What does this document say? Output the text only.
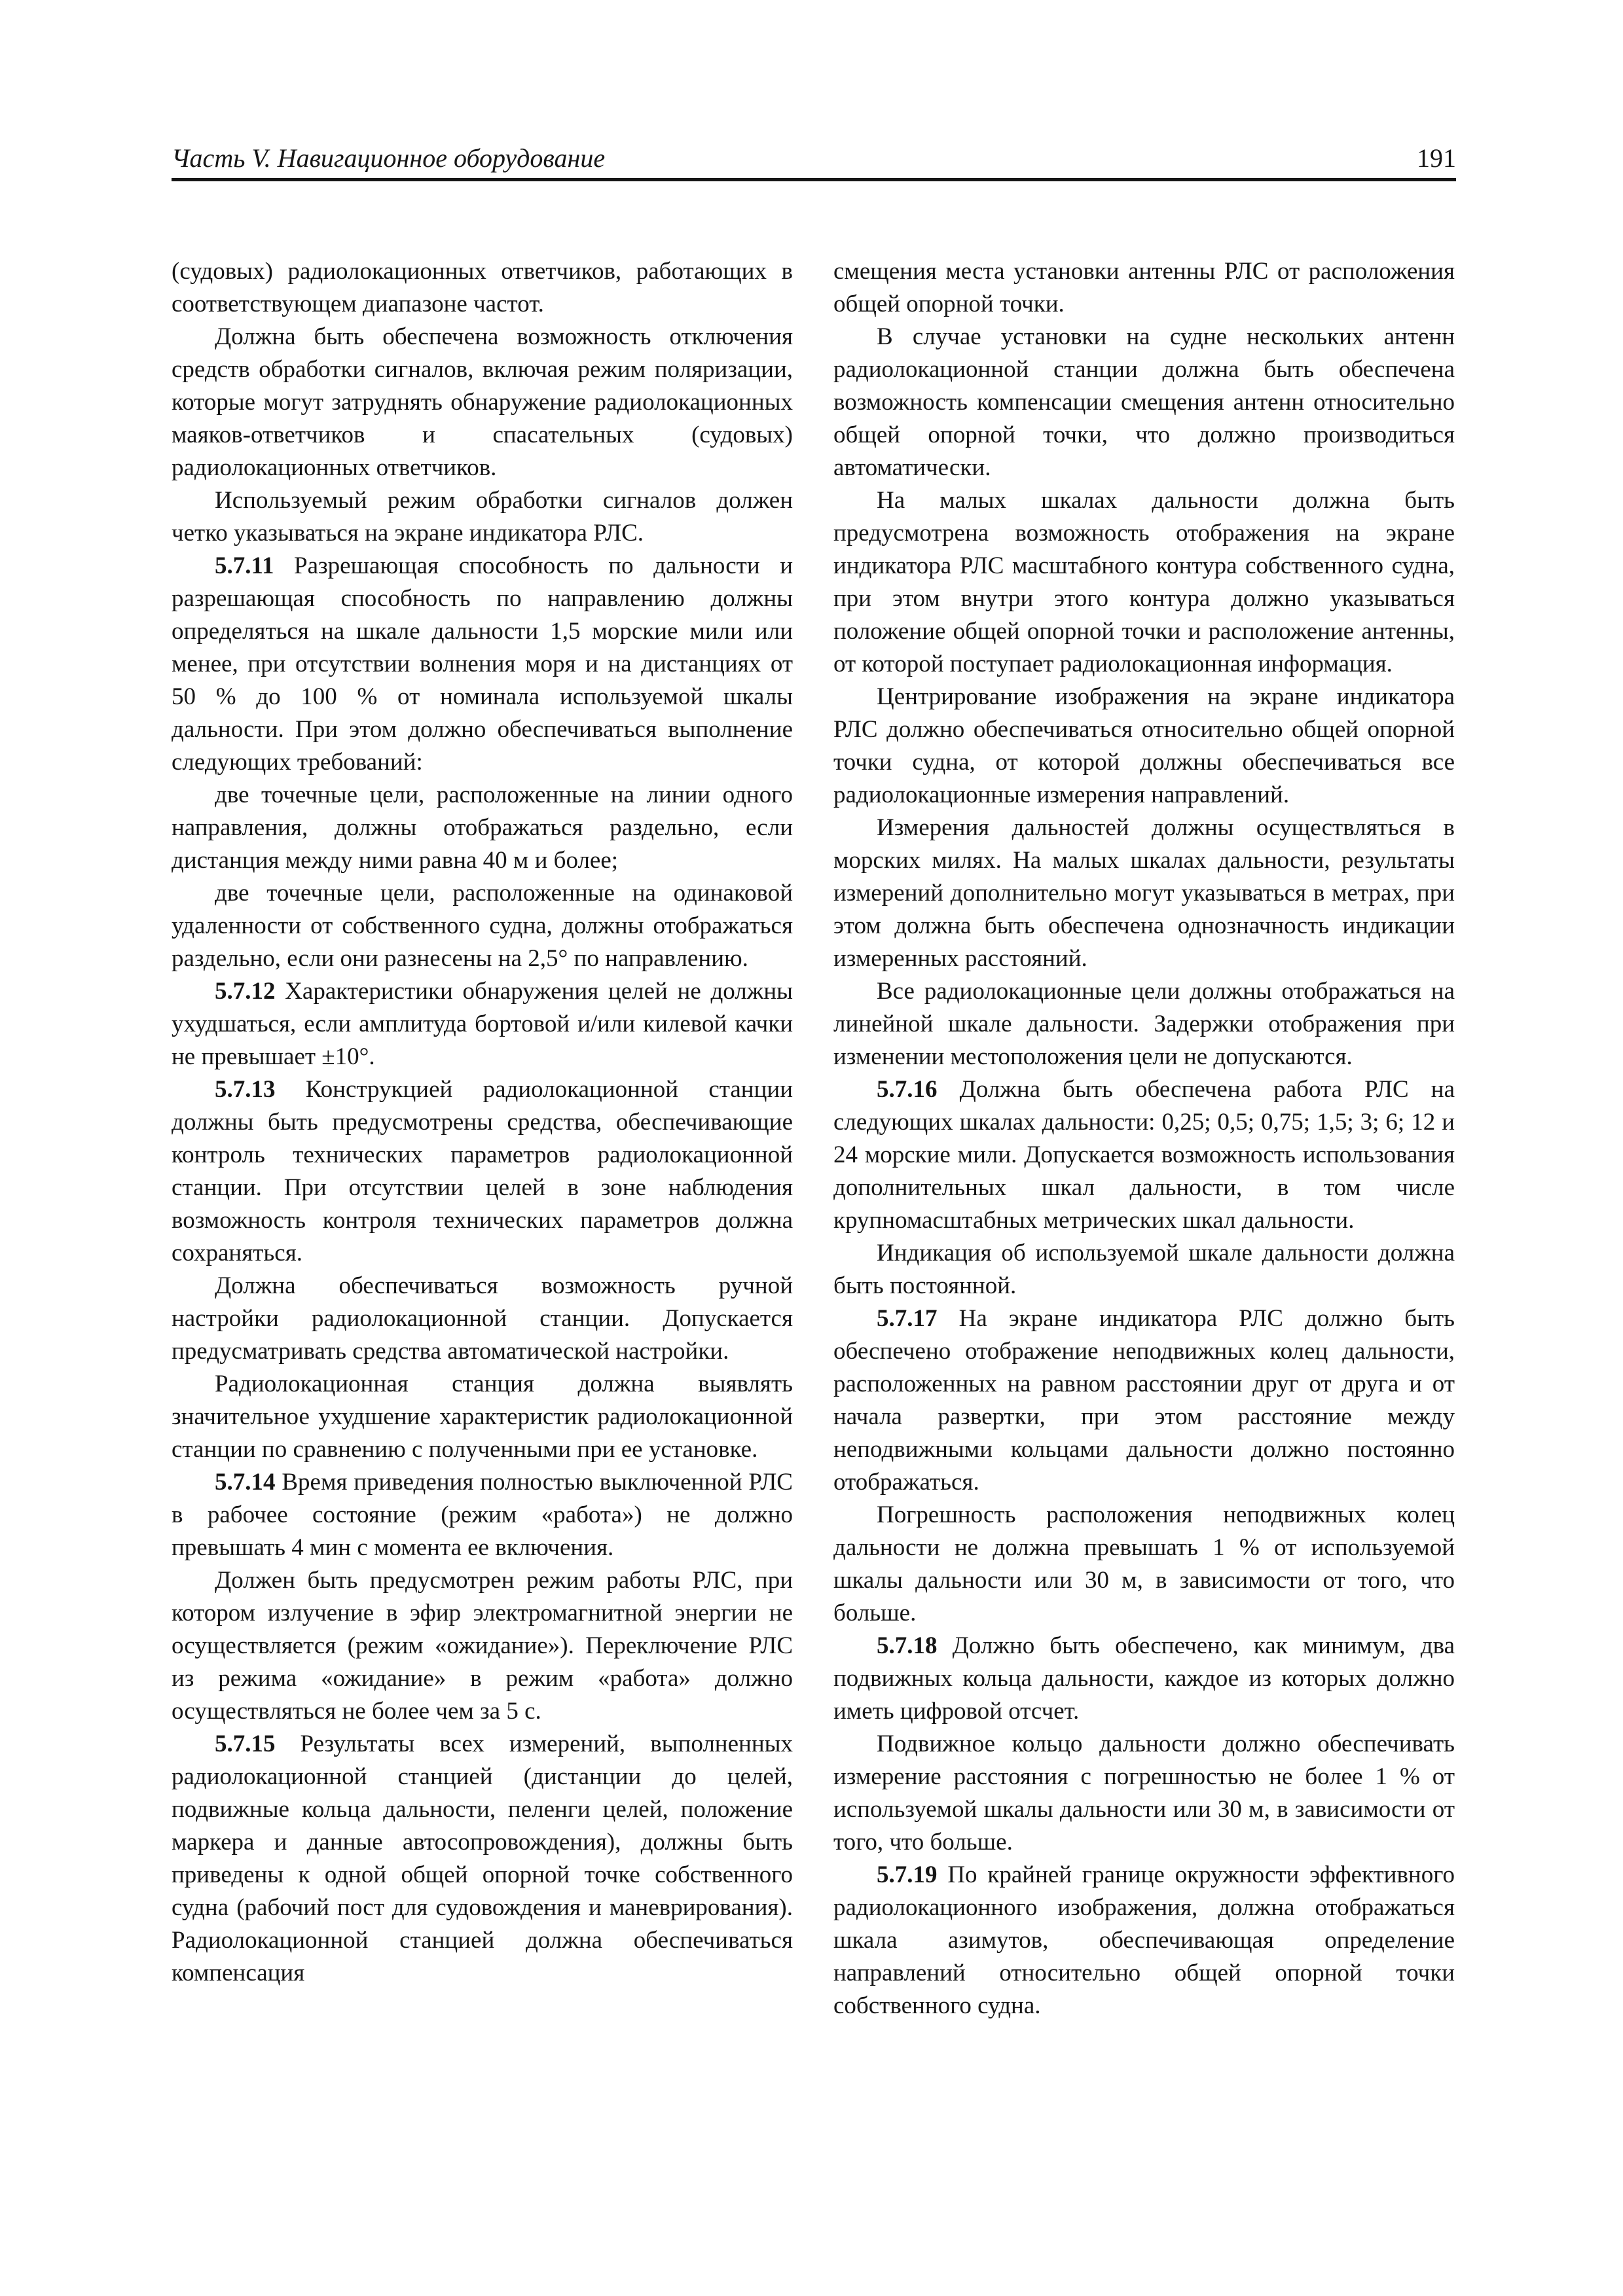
Часть V. Навигационное оборудование	191

(судовых) радиолокационных ответчиков, работающих в соответствующем диапазоне частот.

Должна быть обеспечена возможность отключения средств обработки сигналов, включая режим поляризации, которые могут затруднять обнаружение радиолокационных маяков-ответчиков и спасательных (судовых) радиолокационных ответчиков.

Используемый режим обработки сигналов должен четко указываться на экране индикатора РЛС.

5.7.11 Разрешающая способность по дальности и разрешающая способность по направлению должны определяться на шкале дальности 1,5 морские мили или менее, при отсутствии волнения моря и на дистанциях от 50 % до 100 % от номинала используемой шкалы дальности. При этом должно обеспечиваться выполнение следующих требований:

две точечные цели, расположенные на линии одного направления, должны отображаться раздельно, если дистанция между ними равна 40 м и более;

две точечные цели, расположенные на одинаковой удаленности от собственного судна, должны отображаться раздельно, если они разнесены на 2,5° по направлению.

5.7.12 Характеристики обнаружения целей не должны ухудшаться, если амплитуда бортовой и/или килевой качки не превышает ±10°.

5.7.13 Конструкцией радиолокационной станции должны быть предусмотрены средства, обеспечивающие контроль технических параметров радиолокационной станции. При отсутствии целей в зоне наблюдения возможность контроля технических параметров должна сохраняться.

Должна обеспечиваться возможность ручной настройки радиолокационной станции. Допускается предусматривать средства автоматической настройки.

Радиолокационная станция должна выявлять значительное ухудшение характеристик радиолокационной станции по сравнению с полученными при ее установке.

5.7.14 Время приведения полностью выключенной РЛС в рабочее состояние (режим «работа») не должно превышать 4 мин с момента ее включения.

Должен быть предусмотрен режим работы РЛС, при котором излучение в эфир электромагнитной энергии не осуществляется (режим «ожидание»). Переключение РЛС из режима «ожидание» в режим «работа» должно осуществляться не более чем за 5 с.

5.7.15 Результаты всех измерений, выполненных радиолокационной станцией (дистанции до целей, подвижные кольца дальности, пеленги целей, положение маркера и данные автосопровождения), должны быть приведены к одной общей опорной точке собственного судна (рабочий пост для судовождения и маневрирования). Радиолокационной станцией должна обеспечиваться компенсация

смещения места установки антенны РЛС от расположения общей опорной точки.

В случае установки на судне нескольких антенн радиолокационной станции должна быть обеспечена возможность компенсации смещения антенн относительно общей опорной точки, что должно производиться автоматически.

На малых шкалах дальности должна быть предусмотрена возможность отображения на экране индикатора РЛС масштабного контура собственного судна, при этом внутри этого контура должно указываться положение общей опорной точки и расположение антенны, от которой поступает радиолокационная информация.

Центрирование изображения на экране индикатора РЛС должно обеспечиваться относительно общей опорной точки судна, от которой должны обеспечиваться все радиолокационные измерения направлений.

Измерения дальностей должны осуществляться в морских милях. На малых шкалах дальности, результаты измерений дополнительно могут указываться в метрах, при этом должна быть обеспечена однозначность индикации измеренных расстояний.

Все радиолокационные цели должны отображаться на линейной шкале дальности. Задержки отображения при изменении местоположения цели не допускаются.

5.7.16 Должна быть обеспечена работа РЛС на следующих шкалах дальности: 0,25; 0,5; 0,75; 1,5; 3; 6; 12 и 24 морские мили. Допускается возможность использования дополнительных шкал дальности, в том числе крупномасштабных метрических шкал дальности.

Индикация об используемой шкале дальности должна быть постоянной.

5.7.17 На экране индикатора РЛС должно быть обеспечено отображение неподвижных колец дальности, расположенных на равном расстоянии друг от друга и от начала развертки, при этом расстояние между неподвижными кольцами дальности должно постоянно отображаться.

Погрешность расположения неподвижных колец дальности не должна превышать 1 % от используемой шкалы дальности или 30 м, в зависимости от того, что больше.

5.7.18 Должно быть обеспечено, как минимум, два подвижных кольца дальности, каждое из которых должно иметь цифровой отсчет.

Подвижное кольцо дальности должно обеспечивать измерение расстояния с погрешностью не более 1 % от используемой шкалы дальности или 30 м, в зависимости от того, что больше.

5.7.19 По крайней границе окружности эффективного радиолокационного изображения, должна отображаться шкала азимутов, обеспечивающая определение направлений относительно общей опорной точки собственного судна.
